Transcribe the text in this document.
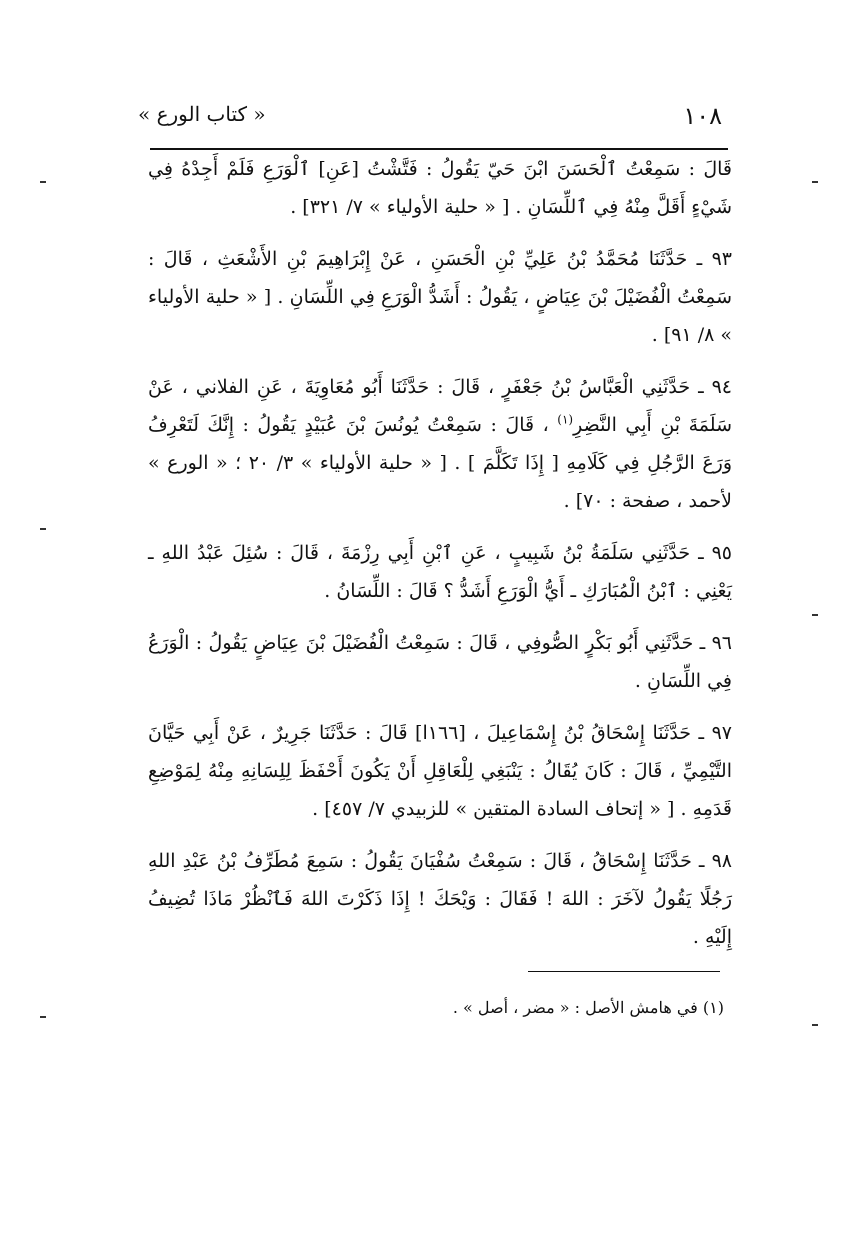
١٠٨
« كتاب الورع »

قَالَ : سَمِعْتُ ٱلْحَسَنَ ابْنَ حَيّ يَقُولُ : فَتَّشْتُ [عَنِ] ٱلْوَرَعِ فَلَمْ أَجِدْهُ فِي شَيْءٍ أَقَلَّ مِنْهُ فِي ٱللِّسَانِ . [ « حلية الأولياء » ٧/ ٣٢١] .

٩٣ ـ حَدَّثَنَا مُحَمَّدُ بْنُ عَلِيِّ بْنِ الْحَسَنِ ، عَنْ إِبْرَاهِيمَ بْنِ الأَشْعَثِ ، قَالَ : سَمِعْتُ الْفُضَيْلَ بْنَ عِيَاضٍ ، يَقُولُ : أَشَدُّ الْوَرَعِ فِي اللِّسَانِ . [ « حلية الأولياء » ٨/ ٩١] .

٩٤ ـ حَدَّثَنِي الْعَبَّاسُ بْنُ جَعْفَرٍ ، قَالَ : حَدَّثَنَا أَبُو مُعَاوِيَةَ ، عَنِ الفلاني ، عَنْ سَلَمَةَ بْنِ أَبِي النَّضِرِ$^{(١)}$ ، قَالَ : سَمِعْتُ يُونُسَ بْنَ عُبَيْدٍ يَقُولُ : إِنَّكَ لَتَعْرِفُ وَرَعَ الرَّجُلِ فِي كَلَامِهِ [ إِذَا تَكَلَّمَ ] . [ « حلية الأولياء » ٣/ ٢٠ ؛ « الورع » لأحمد ، صفحة : ٧٠] .

٩٥ ـ حَدَّثَنِي سَلَمَةُ بْنُ شَبِيبٍ ، عَنِ ٱبْنِ أَبِي رِزْمَةَ ، قَالَ : سُئِلَ عَبْدُ اللهِ ـ يَعْنِي : ٱبْنُ الْمُبَارَكِ ـ أَيُّ الْوَرَعِ أَشَدُّ ؟ قَالَ : اللِّسَانُ .

٩٦ ـ حَدَّثَنِي أَبُو بَكْرٍ الصُّوفِي ، قَالَ : سَمِعْتُ الْفُضَيْلَ بْنَ عِيَاضٍ يَقُولُ : الْوَرَعُ فِي اللِّسَانِ .

٩٧ ـ حَدَّثَنَا إِسْحَاقُ بْنُ إِسْمَاعِيلَ ، [١٦٦ا] قَالَ : حَدَّثَنَا جَرِيرٌ ، عَنْ أَبِي حَيَّانَ التَّيْمِيِّ ، قَالَ : كَانَ يُقَالُ : يَنْبَغِي لِلْعَاقِلِ أَنْ يَكُونَ أَحْفَظَ لِلِسَانِهِ مِنْهُ لِمَوْضِعِ قَدَمِهِ . [ « إتحاف السادة المتقين » للزبيدي ٧/ ٤٥٧] .

٩٨ ـ حَدَّثَنَا إِسْحَاقُ ، قَالَ : سَمِعْتُ سُفْيَانَ يَقُولُ : سَمِعَ مُطَرِّفُ بْنُ عَبْدِ اللهِ رَجُلًا يَقُولُ لآخَرَ : اللهَ ! فَقَالَ : وَيْحَكَ ! إِذَا ذَكَرْتَ اللهَ فَٱنْظُرْ مَاذَا تُضِيفُ إِلَيْهِ .

(١) في هامش الأصل : « مضر ، أصل » .
